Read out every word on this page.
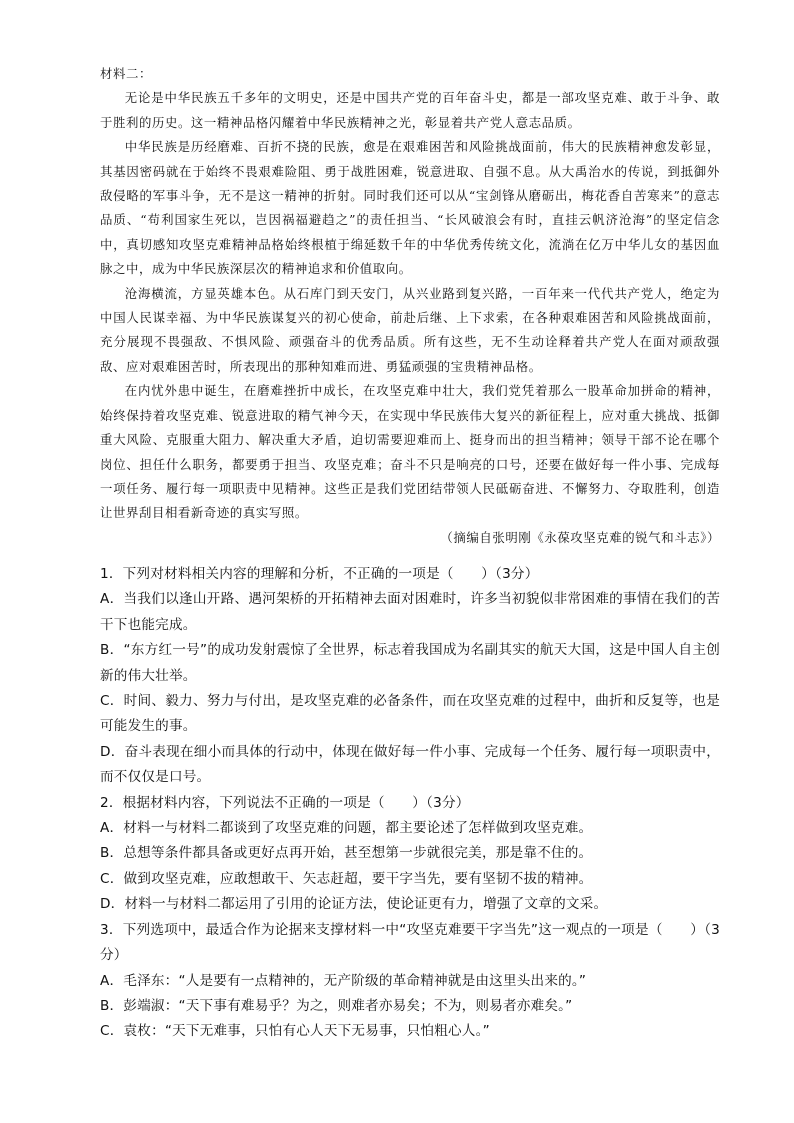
材料二：

无论是中华民族五千多年的文明史，还是中国共产党的百年奋斗史，都是一部攻坚克难、敢于斗争、敢于胜利的历史。这一精神品格闪耀着中华民族精神之光，彰显着共产党人意志品质。

中华民族是历经磨难、百折不挠的民族，愈是在艰难困苦和风险挑战面前，伟大的民族精神愈发彰显，其基因密码就在于始终不畏艰难险阻、勇于战胜困难，锐意进取、自强不息。从大禹治水的传说，到抵御外敌侵略的军事斗争，无不是这一精神的折射。同时我们还可以从“宝剑锋从磨砺出，梅花香自苦寒来”的意志品质、“苟利国家生死以，岂因祸福避趋之”的责任担当、“长风破浪会有时，直挂云帆济沧海”的坚定信念中，真切感知攻坚克难精神品格始终根植于绵延数千年的中华优秀传统文化，流淌在亿万中华儿女的基因血脉之中，成为中华民族深层次的精神追求和价值取向。

沧海横流，方显英雄本色。从石库门到天安门，从兴业路到复兴路，一百年来一代代共产党人，绝定为中国人民谋幸福、为中华民族谋复兴的初心使命，前赴后继、上下求索，在各种艰难困苦和风险挑战面前，充分展现不畏强敌、不惧风险、顽强奋斗的优秀品质。所有这些，无不生动诠释着共产党人在面对顽敌强敌、应对艰难困苦时，所表现出的那种知难而进、勇猛顽强的宝贵精神品格。

在内忧外患中诞生，在磨难挫折中成长，在攻坚克难中壮大，我们党凭着那么一股革命加拼命的精神，始终保持着攻坚克难、锐意进取的精气神今天，在实现中华民族伟大复兴的新征程上，应对重大挑战、抵御重大风险、克服重大阻力、解决重大矛盾，迫切需要迎难而上、挺身而出的担当精神；领导干部不论在哪个岗位、担任什么职务，都要勇于担当、攻坚克难；奋斗不只是响亮的口号，还要在做好每一件小事、完成每一项任务、履行每一项职责中见精神。这些正是我们党团结带领人民砥砺奋进、不懈努力、夺取胜利，创造让世界刮目相看新奇迹的真实写照。

（摘编自张明刚《永葆攻坚克难的锐气和斗志》）

1．下列对材料相关内容的理解和分析，不正确的一项是（　　）（3分）

A．当我们以逢山开路、遇河架桥的开拓精神去面对困难时，许多当初貌似非常困难的事情在我们的苦干下也能完成。

B．“东方红一号”的成功发射震惊了全世界，标志着我国成为名副其实的航天大国，这是中国人自主创新的伟大壮举。

C．时间、毅力、努力与付出，是攻坚克难的必备条件，而在攻坚克难的过程中，曲折和反复等，也是可能发生的事。

D．奋斗表现在细小而具体的行动中，体现在做好每一件小事、完成每一个任务、履行每一项职责中，而不仅仅是口号。

2．根据材料内容，下列说法不正确的一项是（　　）（3分）

A．材料一与材料二都谈到了攻坚克难的问题，都主要论述了怎样做到攻坚克难。

B．总想等条件都具备或更好点再开始，甚至想第一步就很完美，那是靠不住的。

C．做到攻坚克难，应敢想敢干、矢志赶超，要干字当先，要有坚韧不拔的精神。

D．材料一与材料二都运用了引用的论证方法，使论证更有力，增强了文章的文采。

3．下列选项中，最适合作为论据来支撑材料一中“攻坚克难要干字当先”这一观点的一项是（　　）（3分）

A．毛泽东：“人是要有一点精神的，无产阶级的革命精神就是由这里头出来的。”

B．彭端淑：“天下事有难易乎？为之，则难者亦易矣；不为，则易者亦难矣。”

C．袁枚：“天下无难事，只怕有心人天下无易事，只怕粗心人。”
